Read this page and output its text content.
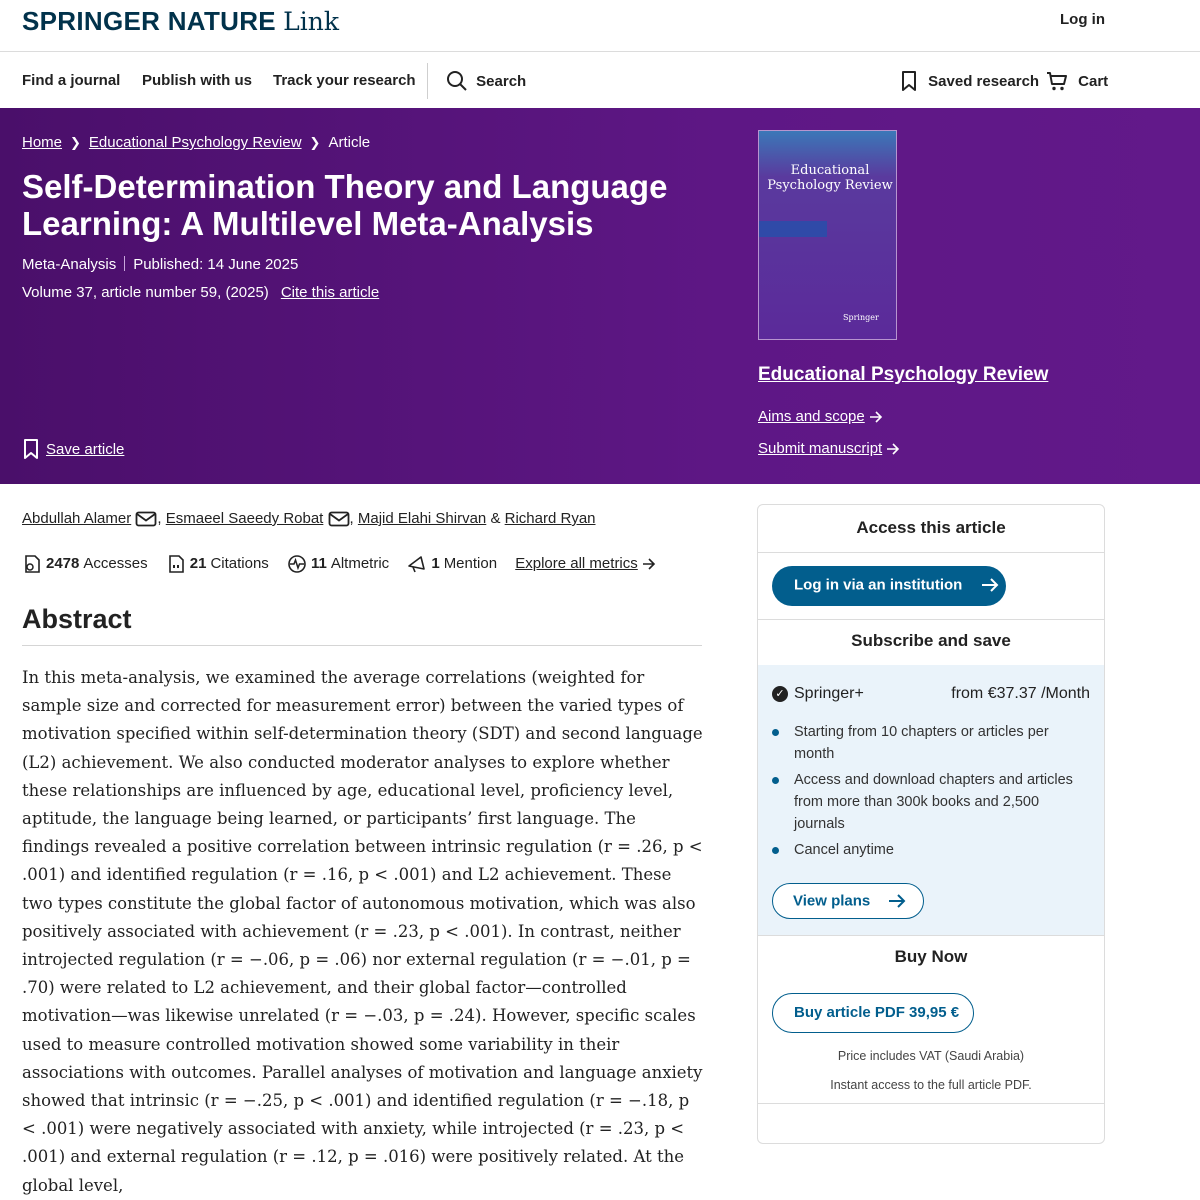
SPRINGER NATURE Link	Log in
Find a journal Publish with us Track your research	Search	Saved research	Cart
Home ❯ Educational Psychology Review ❯ Article
Self-Determination Theory and Language Learning: A Multilevel Meta-Analysis
Meta-Analysis Published: 14 June 2025
Volume 37, article number 59, (2025) Cite this article
Save article
Educational Psychology Review
Springer
Educational Psychology Review
Aims and scope
Submit manuscript
Abdullah Alamer , Esmaeel Saeedy Robat , Majid Elahi Shirvan & Richard Ryan
2478 Accesses	21 Citations	11 Altmetric	1 Mention Explore all metrics
Abstract

In this meta-analysis, we examined the average correlations (weighted for sample size and corrected for measurement error) between the varied types of motivation specified within self-determination theory (SDT) and second language (L2) achievement. We also conducted moderator analyses to explore whether these relationships are influenced by age, educational level, proficiency level, aptitude, the language being learned, or participants’ first language. The findings revealed a positive correlation between intrinsic regulation (r = .26, p < .001) and identified regulation (r = .16, p < .001) and L2 achievement. These two types constitute the global factor of autonomous motivation, which was also positively associated with achievement (r = .23, p < .001). In contrast, neither introjected regulation (r = −.06, p = .06) nor external regulation (r = −.01, p = .70) were related to L2 achievement, and their global factor—controlled motivation—was likewise unrelated (r = −.03, p = .24). However, specific scales used to measure controlled motivation showed some variability in their associations with outcomes. Parallel analyses of motivation and language anxiety showed that intrinsic (r = −.25, p < .001) and identified regulation (r = −.18, p < .001) were negatively associated with anxiety, while introjected (r = .23, p < .001) and external regulation (r = .12, p = .016) were positively related. At the global level,

Access this article
Log in via an institution
Subscribe and save
✓ Springer+	from €37.37 /Month
Starting from 10 chapters or articles per month
Access and download chapters and articles from more than 300k books and 2,500 journals
Cancel anytime
View plans
Buy Now
Buy article PDF 39,95 €
Price includes VAT (Saudi Arabia)
Instant access to the full article PDF.
